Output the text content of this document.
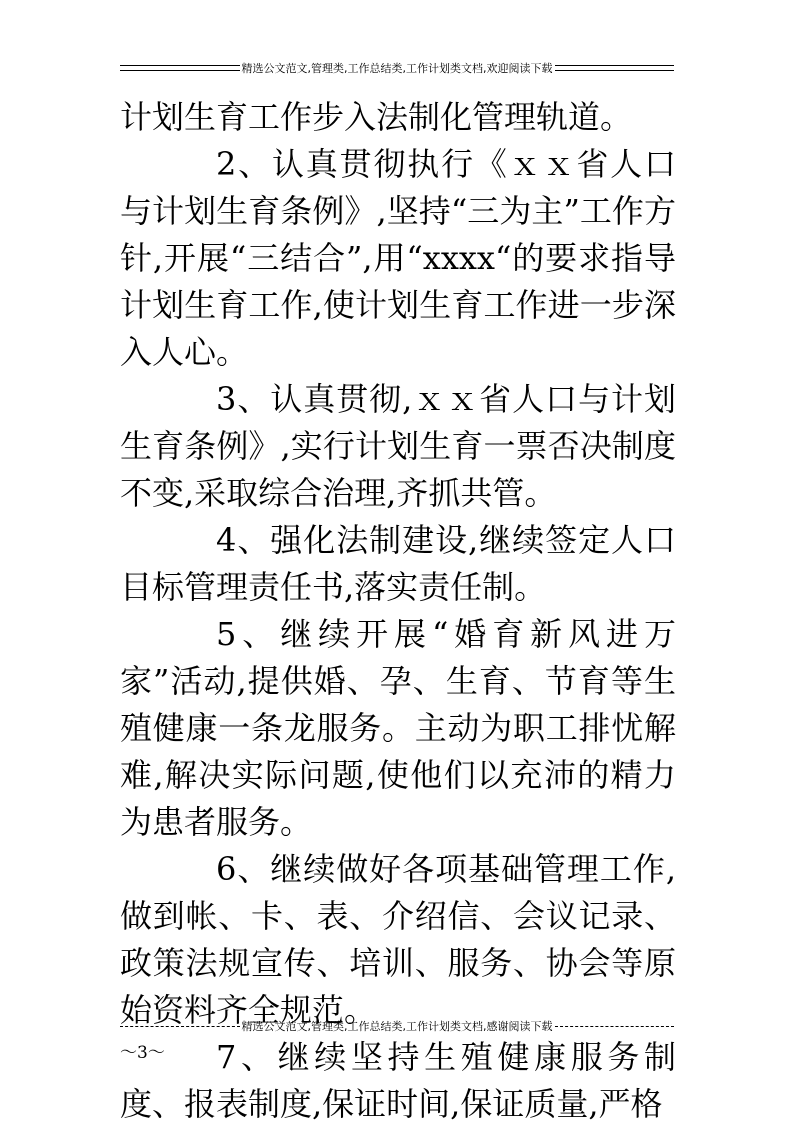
精选公文范文,管理类,工作总结类,工作计划类文档,欢迎阅读下载

计划生育工作步入法制化管理轨道。

2、认真贯彻执行《ｘｘ省人口与计划生育条例》,坚持“三为主”工作方针,开展“三结合”,用“xxxx“的要求指导计划生育工作,使计划生育工作进一步深入人心。

3、认真贯彻,ｘｘ省人口与计划生育条例》,实行计划生育一票否决制度不变,采取综合治理,齐抓共管。

4、强化法制建设,继续签定人口目标管理责任书,落实责任制。

5、继续开展“婚育新风进万家”活动,提供婚、孕、生育、节育等生殖健康一条龙服务。主动为职工排忧解难,解决实际问题,使他们以充沛的精力为患者服务。

6、继续做好各项基础管理工作,做到帐、卡、表、介绍信、会议记录、政策法规宣传、培训、服务、协会等原始资料齐全规范。

7、继续坚持生殖健康服务制度、报表制度,保证时间,保证质量,严格

精选公文范文,管理类,工作总结类,工作计划类文档,感谢阅读下载
～3～
